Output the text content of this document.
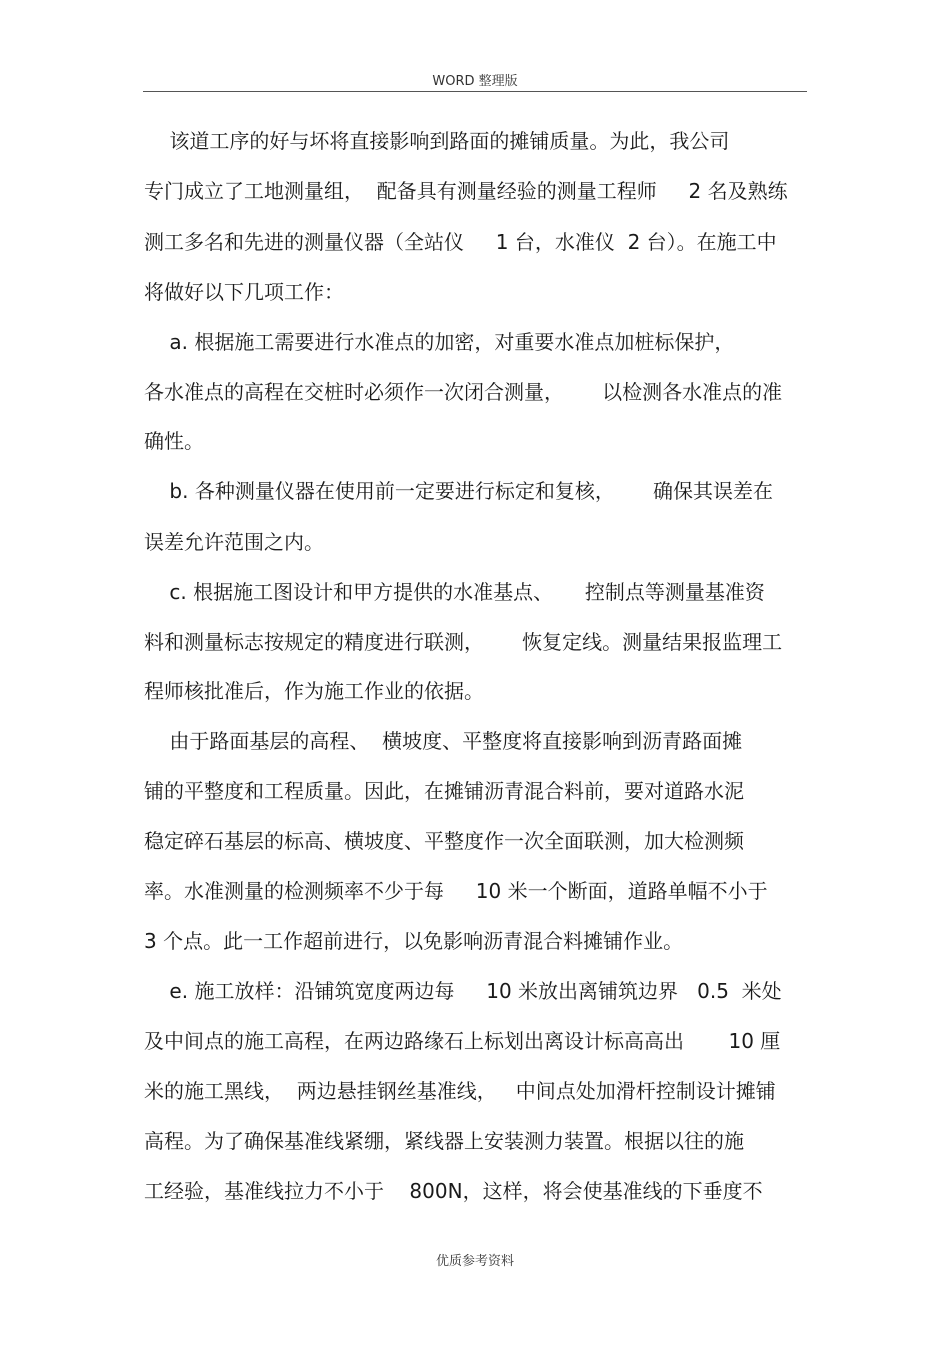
WORD 整理版
该道工序的好与坏将直接影响到路面的摊铺质量。为此，我公司
专门成立了工地测量组，  配备具有测量经验的测量工程师     2 名及熟练
测工多名和先进的测量仪器（全站仪     1 台，水准仪  2 台）。在施工中
将做好以下几项工作：
a. 根据施工需要进行水准点的加密，对重要水准点加桩标保护，
各水准点的高程在交桩时必须作一次闭合测量，      以检测各水准点的准
确性。
b. 各种测量仪器在使用前一定要进行标定和复核，      确保其误差在
误差允许范围之内。
c. 根据施工图设计和甲方提供的水准基点、     控制点等测量基准资
料和测量标志按规定的精度进行联测，      恢复定线。测量结果报监理工
程师核批准后，作为施工作业的依据。
由于路面基层的高程、  横坡度、平整度将直接影响到沥青路面摊
铺的平整度和工程质量。因此，在摊铺沥青混合料前，要对道路水泥
稳定碎石基层的标高、横坡度、平整度作一次全面联测，加大检测频
率。水准测量的检测频率不少于每     10 米一个断面，道路单幅不小于
3 个点。此一工作超前进行，以免影响沥青混合料摊铺作业。
e. 施工放样：沿铺筑宽度两边每     10 米放出离铺筑边界   0.5  米处
及中间点的施工高程，在两边路缘石上标划出离设计标高高出       10 厘
米的施工黑线，  两边悬挂钢丝基准线，   中间点处加滑杆控制设计摊铺
高程。为了确保基准线紧绷，紧线器上安装测力装置。根据以往的施
工经验，基准线拉力不小于    800N，这样，将会使基准线的下垂度不
优质参考资料
